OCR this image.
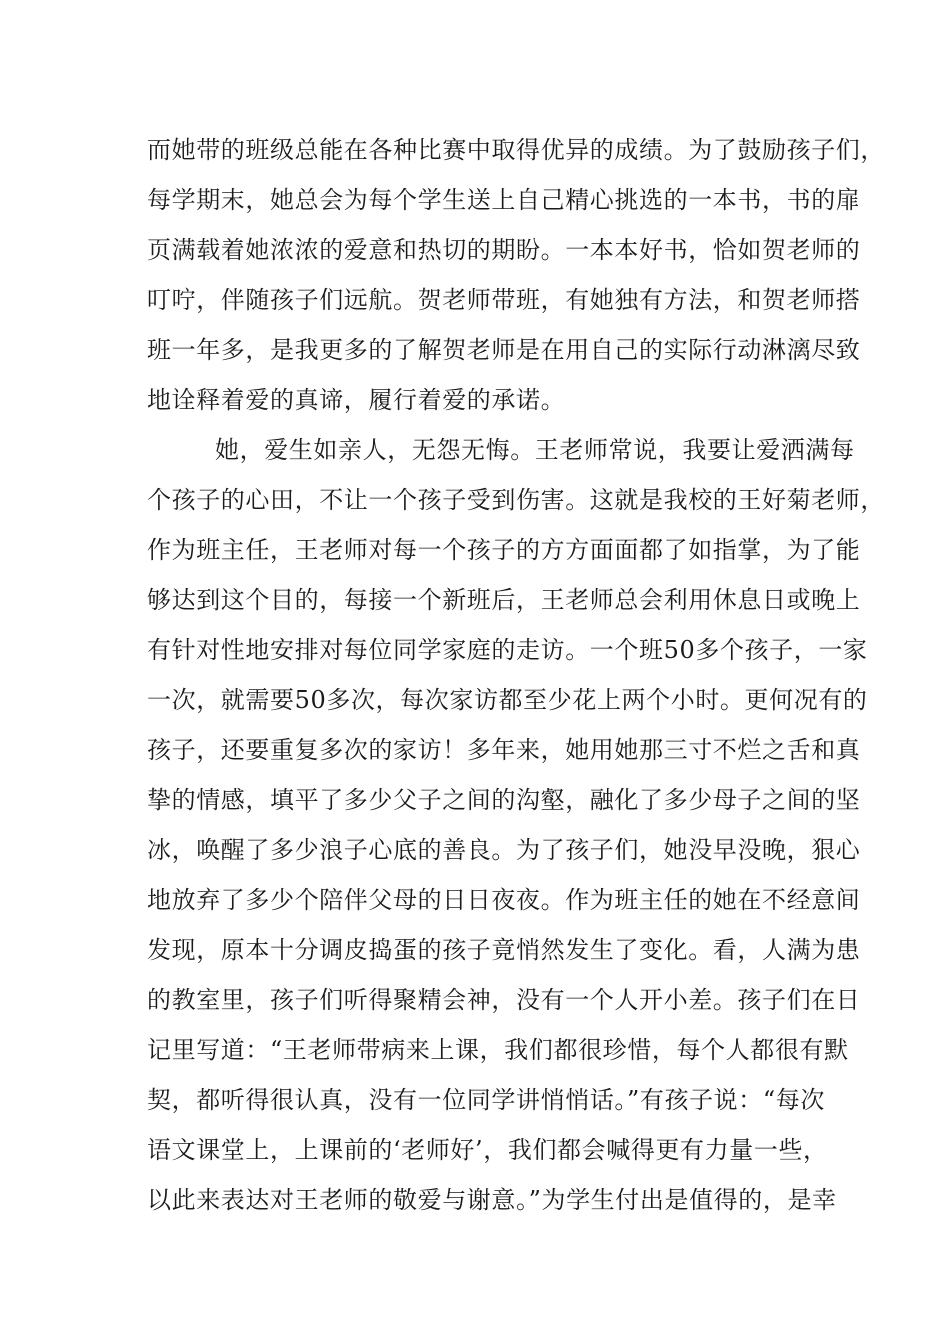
而她带的班级总能在各种比赛中取得优异的成绩。为了鼓励孩子们，
每学期末，她总会为每个学生送上自己精心挑选的一本书，书的扉
页满载着她浓浓的爱意和热切的期盼。一本本好书，恰如贺老师的
叮咛，伴随孩子们远航。贺老师带班，有她独有方法，和贺老师搭
班一年多，是我更多的了解贺老师是在用自己的实际行动淋漓尽致
地诠释着爱的真谛，履行着爱的承诺。
她，爱生如亲人，无怨无悔。王老师常说，我要让爱洒满每
个孩子的心田，不让一个孩子受到伤害。这就是我校的王好菊老师，
作为班主任，王老师对每一个孩子的方方面面都了如指掌，为了能
够达到这个目的，每接一个新班后，王老师总会利用休息日或晚上
有针对性地安排对每位同学家庭的走访。一个班50多个孩子，一家
一次，就需要50多次，每次家访都至少花上两个小时。更何况有的
孩子，还要重复多次的家访！多年来，她用她那三寸不烂之舌和真
挚的情感，填平了多少父子之间的沟壑，融化了多少母子之间的坚
冰，唤醒了多少浪子心底的善良。为了孩子们，她没早没晚，狠心
地放弃了多少个陪伴父母的日日夜夜。作为班主任的她在不经意间
发现，原本十分调皮捣蛋的孩子竟悄然发生了变化。看，人满为患
的教室里，孩子们听得聚精会神，没有一个人开小差。孩子们在日
记里写道：“王老师带病来上课，我们都很珍惜，每个人都很有默
契，都听得很认真，没有一位同学讲悄悄话。”有孩子说：“每次
语文课堂上，上课前的‘老师好’，我们都会喊得更有力量一些，
以此来表达对王老师的敬爱与谢意。”为学生付出是值得的，是幸
